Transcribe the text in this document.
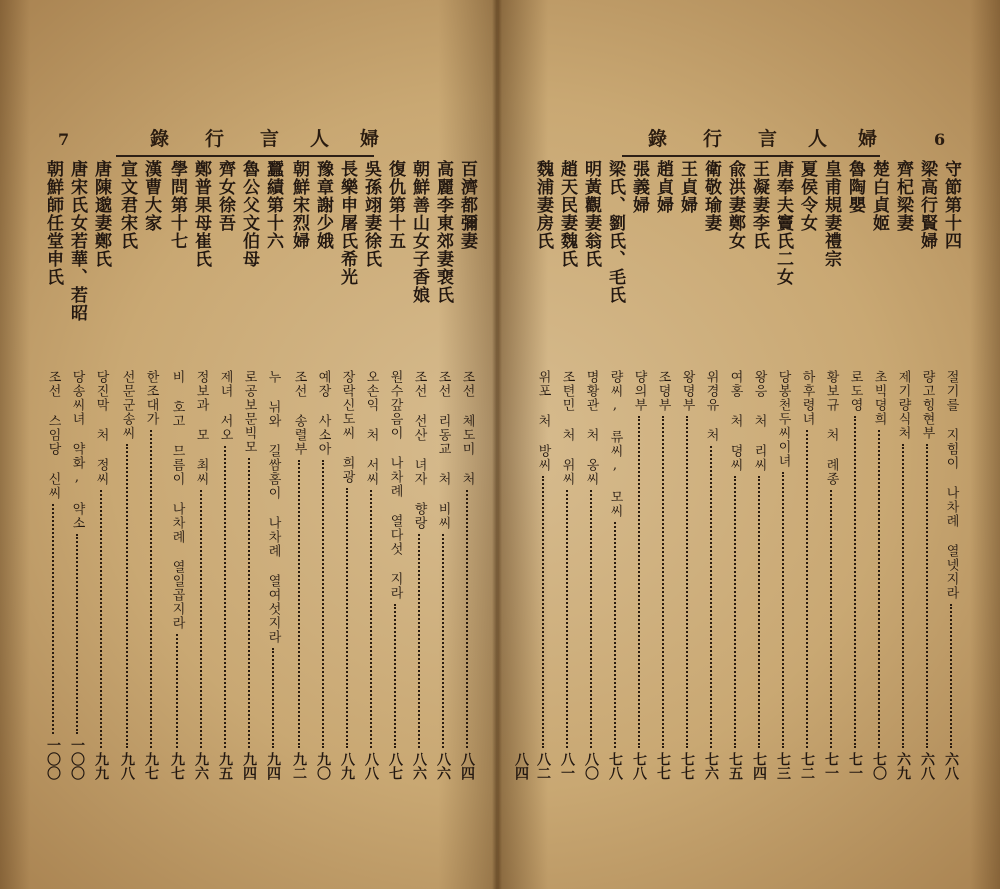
7	錄 行 言 人 婦
百濟都彌妻
高麗李東郊妻裵氏
朝鮮善山女子香娘
復仇第十五
吳孫翊妻徐氏
長樂申屠氏希光
豫章謝少娥
朝鮮宋烈婦
蠶績第十六
魯公父文伯母
齊女徐吾
鄭普果母崔氏
學問第十七
漢曹大家
宣文君宋氏
唐陳邈妻鄭氏
唐宋氏女若華、若昭
朝鮮師任堂申氏
조선 체도미 처
八四
조선 리동교 처 비씨
八六
조선 선산 녀자 향랑
八六
원수갚음이 나차례 열다섯 지라
八七
오손익 처 서씨
八八
장락신도씨 희광
八九
예장 사소아
九〇
조선 송렬부
九二
누 뉘와 길쌈홈이 나차례 열여섯지라
九四
로공보문빅모
九四
제녀 서오
九五
정보과 모 최씨
九六
비 호고 므름이 나차례 열일곱지라
九七
한조대가
九七
선문군송씨
九八
당진막 처 정씨
九九
당송씨녀 약화, 약소
一〇〇
조선 스임당 신씨
一〇〇
6
錄 行 言 人 婦
守節第十四
梁高行賢婦
齊杞梁妻
楚白貞姬
魯陶嬰
皇甫規妻禮宗
夏侯令女
唐奉夫竇氏二女
王凝妻李氏
兪洪妻鄭女
衛敬瑜妻
王貞婦
趙貞婦
張義婦
梁氏、劉氏、毛氏
明黃觀妻翁氏
趙天民妻魏氏
魏浦妻房氏
절기를 지힘이 나차례 열넷지라
六八
량고힝현부
六八
제기량식처
六九
초빅뎡희
七〇
로도영
七一
황보규 처 례종
七一
하후령녀
七二
당봉천두씨이녀
七三
왕응 처 리씨
七四
여홍 처 뎡씨
七五
위경유 처
七六
왕뎡부
七七
조뎡부
七七
댱의부
七八
량씨, 류씨, 모씨
七八
명황관 처 옹씨
八〇
조텬민 처 위씨
八一
위포 처 방씨
八二
八四
